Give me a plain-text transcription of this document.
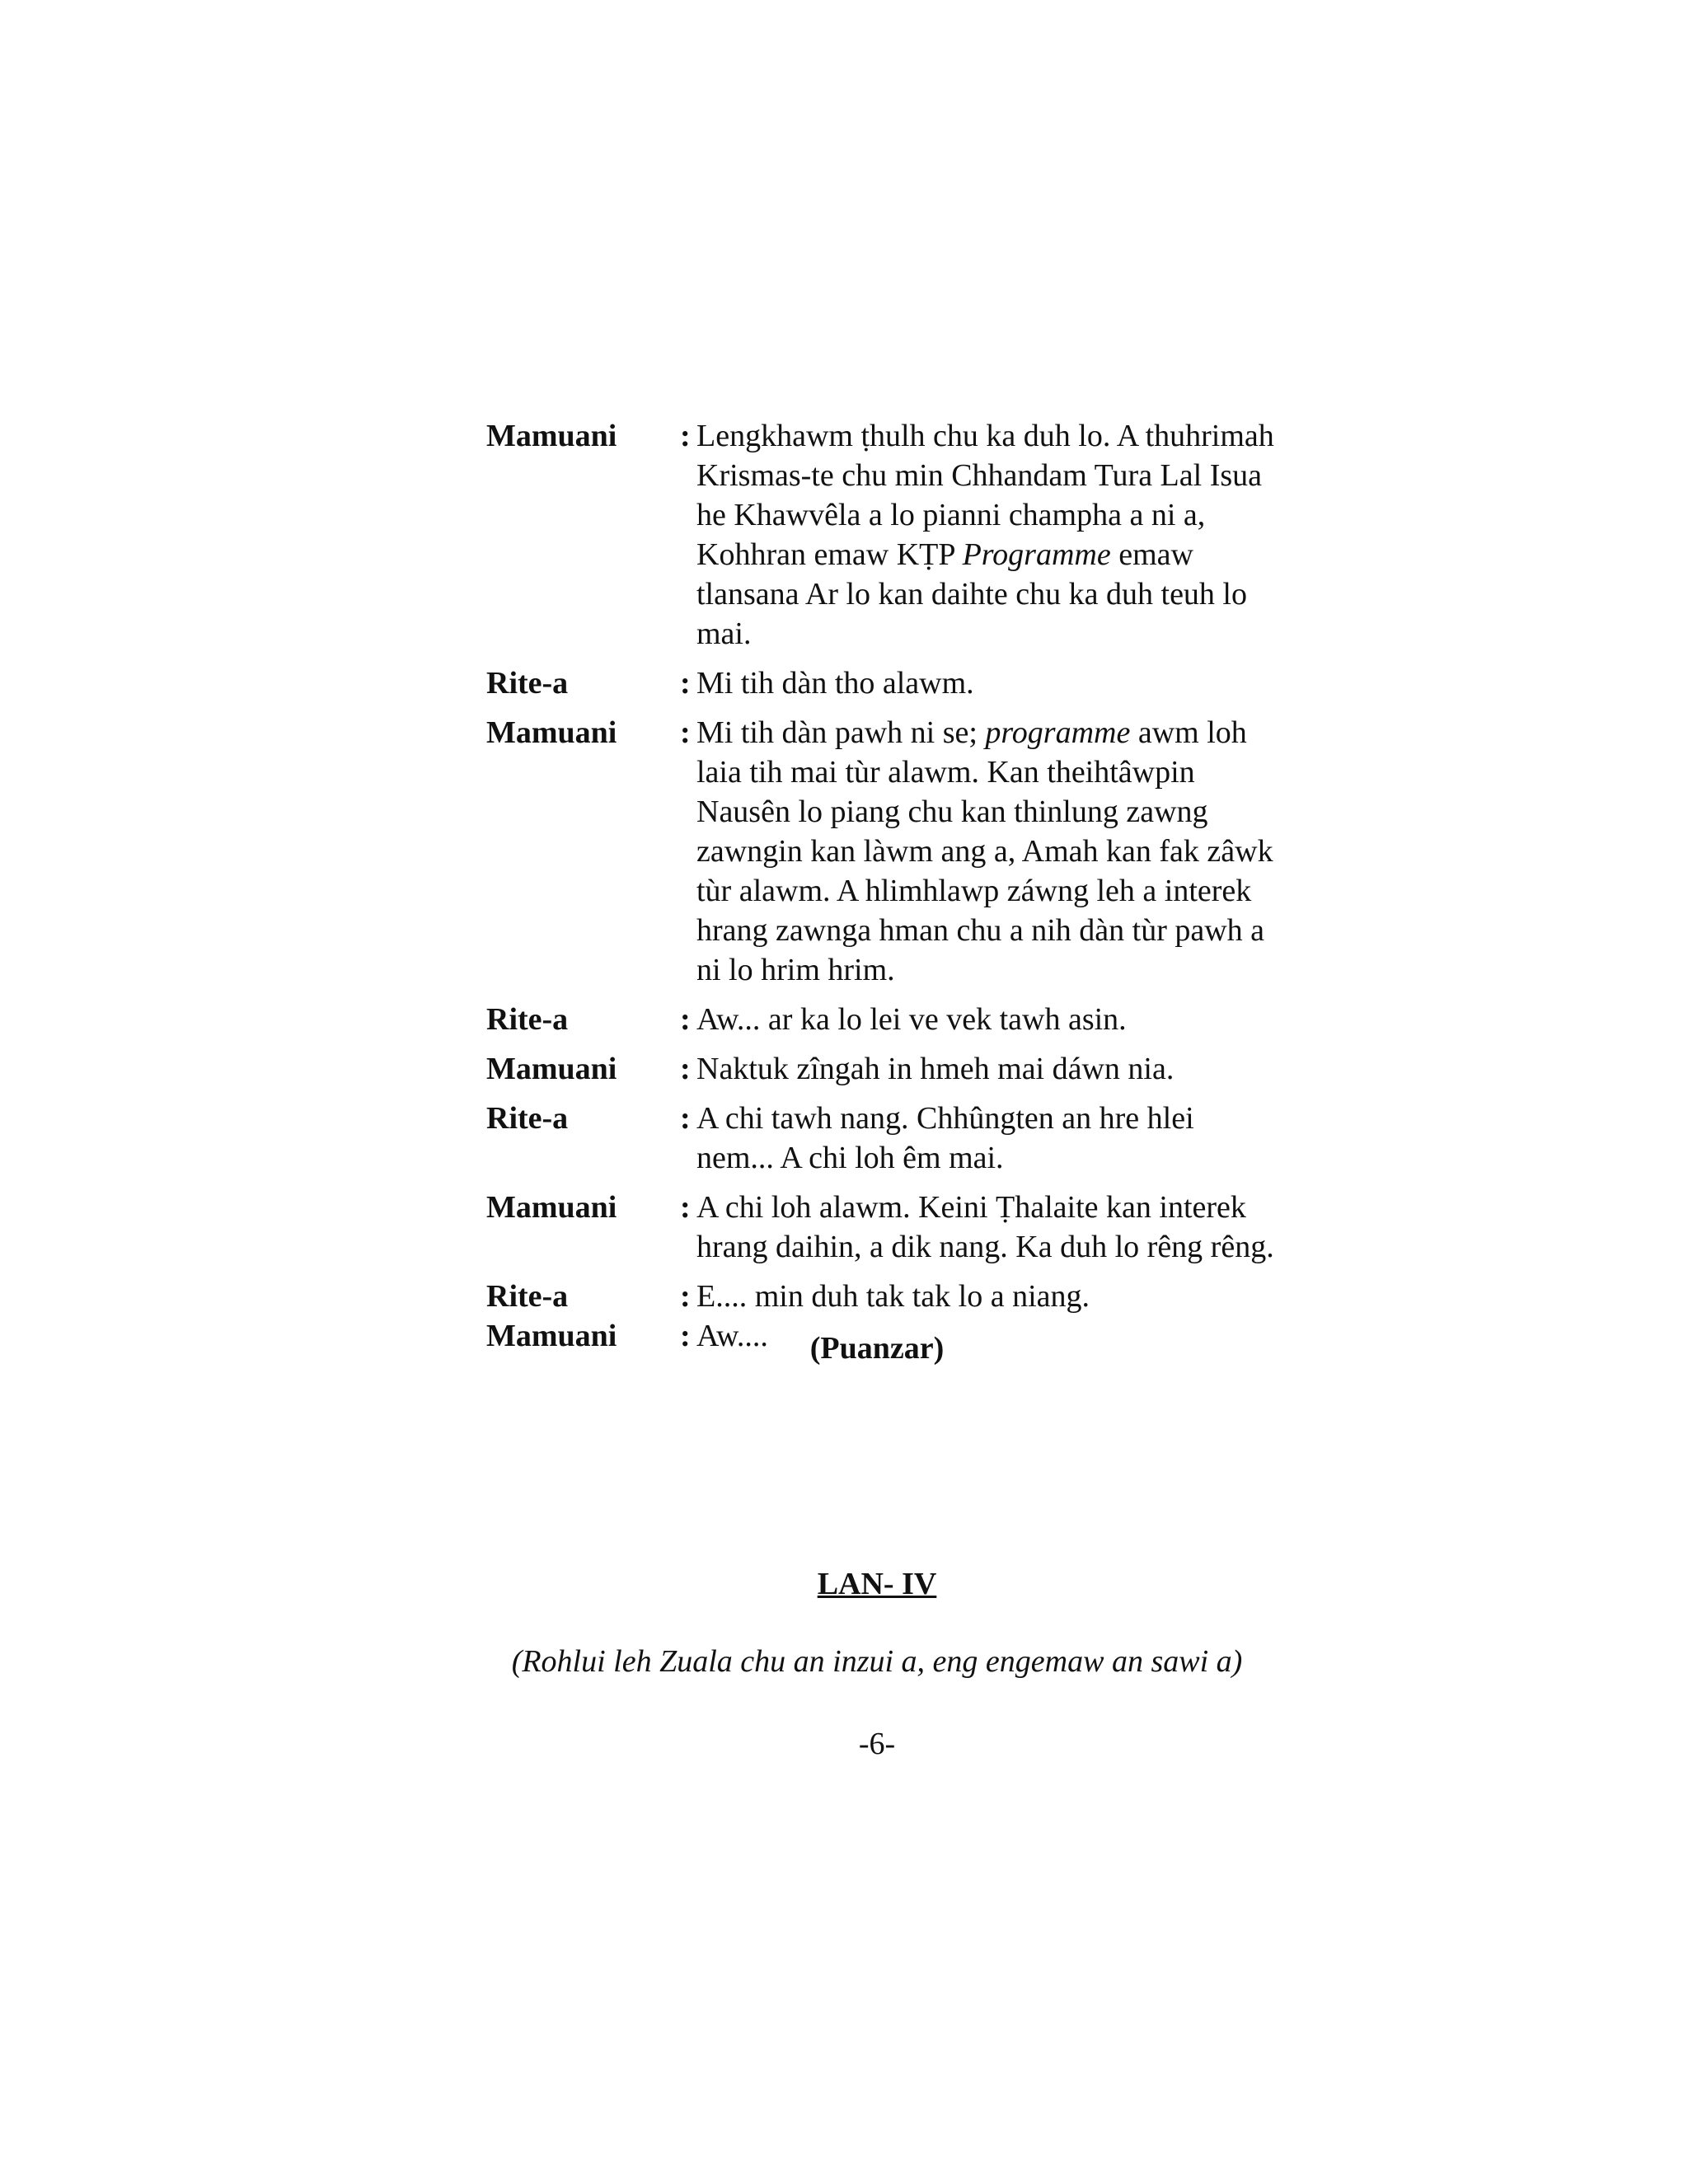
Mamuani	: Lengkhawm ṭhulh chu ka duh lo. A thuhrimah Krismas-te chu min Chhandam Tura Lal Isua he Khawvêla a lo pianni champha a ni a, Kohhran emaw KṬP Programme emaw tlansana Ar lo kan daihte chu ka duh teuh lo mai.
Rite-a	: Mi tih dàn tho alawm.
Mamuani	: Mi tih dàn pawh ni se; programme awm loh laia tih mai tùr alawm. Kan theihtâwpin Nausên lo piang chu kan thinlung zawng zawngin kan làwm ang a, Amah kan fak zâwk tùr alawm. A hlimhlawp záwng leh a interek hrang zawnga hman chu a nih dàn tùr pawh a ni lo hrim hrim.
Rite-a	: Aw... ar ka lo lei ve vek tawh asin.
Mamuani	: Naktuk zîngah in hmeh mai dáwn nia.
Rite-a	: A chi tawh nang. Chhûngten an hre hlei nem... A chi loh êm mai.
Mamuani	: A chi loh alawm. Keini Ṭhalaite kan interek hrang daihin, a dik nang. Ka duh lo rêng rêng.
Rite-a	: E.... min duh tak tak lo a niang.
Mamuani	: Aw....	(Puanzar)
LAN- IV
(Rohlui leh Zuala chu an inzui a, eng engemaw an sawi a)
-6-
